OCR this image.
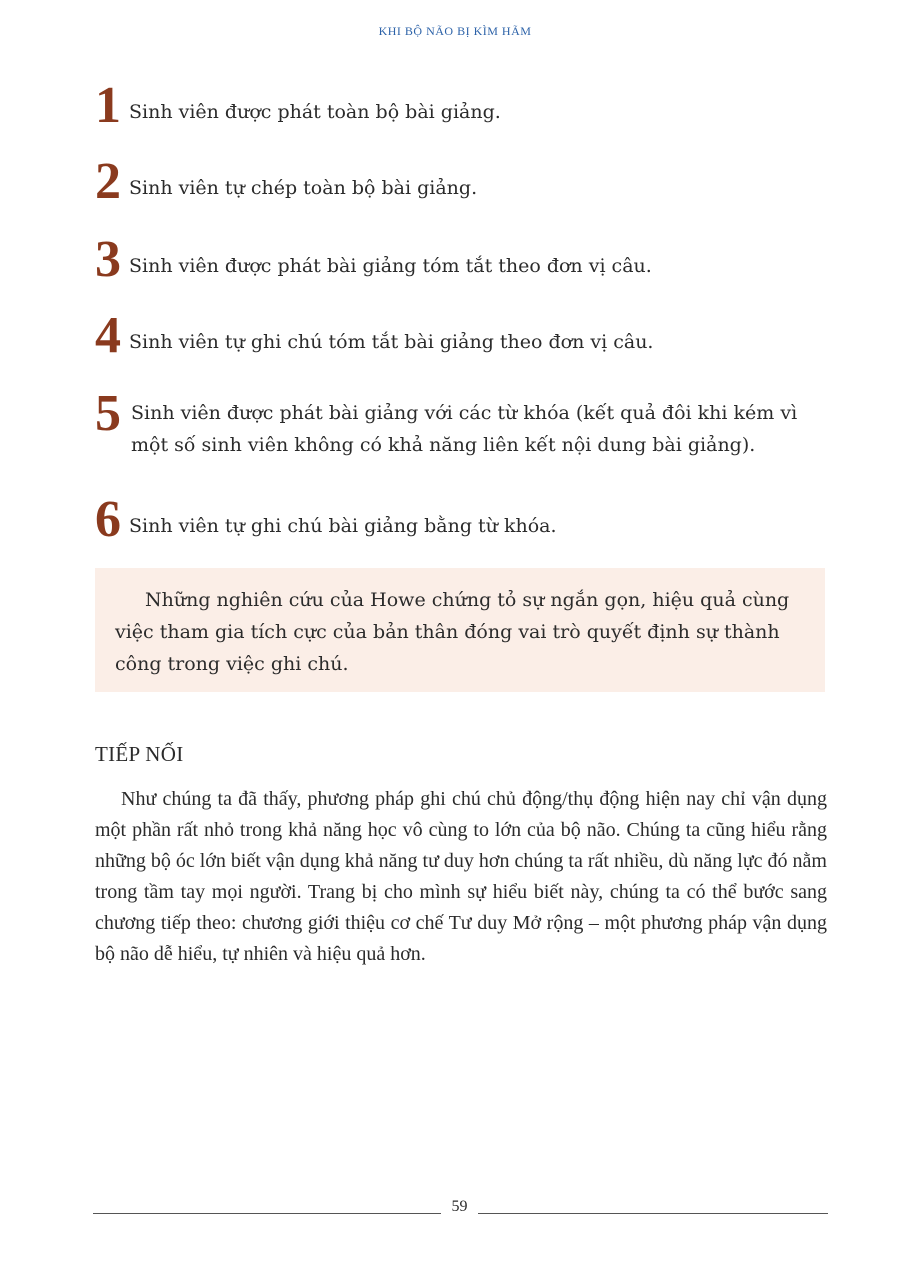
KHI BỘ NÃO BỊ KÌM HÃM
1 Sinh viên được phát toàn bộ bài giảng.
2 Sinh viên tự chép toàn bộ bài giảng.
3 Sinh viên được phát bài giảng tóm tắt theo đơn vị câu.
4 Sinh viên tự ghi chú tóm tắt bài giảng theo đơn vị câu.
5 Sinh viên được phát bài giảng với các từ khóa (kết quả đôi khi kém vì một số sinh viên không có khả năng liên kết nội dung bài giảng).
6 Sinh viên tự ghi chú bài giảng bằng từ khóa.
Những nghiên cứu của Howe chứng tỏ sự ngắn gọn, hiệu quả cùng việc tham gia tích cực của bản thân đóng vai trò quyết định sự thành công trong việc ghi chú.
TIẾP NỐI
Như chúng ta đã thấy, phương pháp ghi chú chủ động/thụ động hiện nay chỉ vận dụng một phần rất nhỏ trong khả năng học vô cùng to lớn của bộ não. Chúng ta cũng hiểu rằng những bộ óc lớn biết vận dụng khả năng tư duy hơn chúng ta rất nhiều, dù năng lực đó nằm trong tầm tay mọi người. Trang bị cho mình sự hiểu biết này, chúng ta có thể bước sang chương tiếp theo: chương giới thiệu cơ chế Tư duy Mở rộng – một phương pháp vận dụng bộ não dễ hiểu, tự nhiên và hiệu quả hơn.
59
